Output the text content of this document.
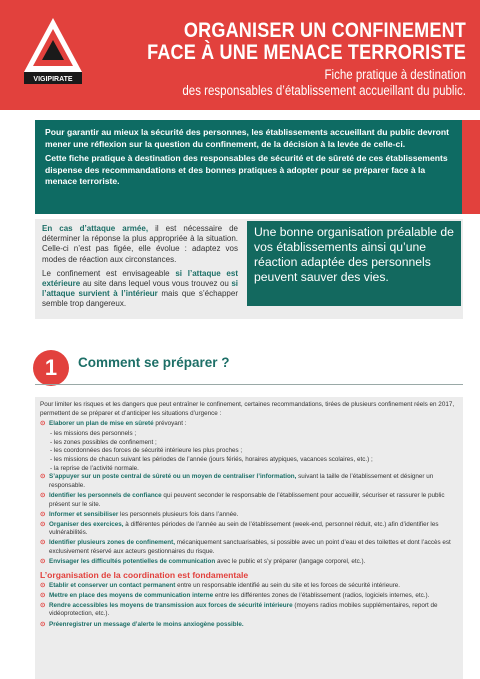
VIGIPIRATE
ORGANISER UN CONFINEMENT
FACE À UNE MENACE TERRORISTE
Fiche pratique à destination
des responsables d’établissement accueillant du public.

Pour garantir au mieux la sécurité des personnes, les établissements accueillant du public devront mener une réflexion sur la question du confinement, de la décision à la levée de celle-ci.

Cette fiche pratique à destination des responsables de sécurité et de sûreté de ces établissements dispense des recommandations et des bonnes pratiques à adopter pour se préparer face à la menace terroriste.

En cas d’attaque armée, il est nécessaire de déterminer la réponse la plus appropriée à la situation. Celle-ci n’est pas figée, elle évolue : adaptez vos modes de réaction aux circonstances.

Le confinement est envisageable si l’attaque est extérieure au site dans lequel vous vous trouvez ou si l’attaque survient à l’intérieur mais que s’échapper semble trop dangereux.

Une bonne organisation préalable de vos établissements ainsi qu’une réaction adaptée des personnels peuvent sauver des vies.
1	Comment se préparer ?

Pour limiter les risques et les dangers que peut entraîner le confinement, certaines recommandations, tirées de plusieurs confinement réels en 2017, permettent de se préparer et d’anticiper les situations d’urgence :

⊙ Elaborer un plan de mise en sûreté prévoyant :
- les missions des personnels ;
- les zones possibles de confinement ;
- les coordonnées des forces de sécurité intérieure les plus proches ;
- les missions de chacun suivant les périodes de l’année (jours fériés, horaires atypiques, vacances scolaires, etc.) ;
- la reprise de l’activité normale.
⊙ S’appuyer sur un poste central de sûreté ou un moyen de centraliser l’information, suivant la taille de l’établissement et désigner un responsable.
⊙ Identifier les personnels de confiance qui peuvent seconder le responsable de l’établissement pour accueillir, sécuriser et rassurer le public présent sur le site.
⊙ Informer et sensibiliser les personnels plusieurs fois dans l’année.
⊙ Organiser des exercices, à différentes périodes de l’année au sein de l’établissement (week-end, personnel réduit, etc.) afin d’identifier les vulnérabilités.
⊙ Identifier plusieurs zones de confinement, mécaniquement sanctuarisables, si possible avec un point d’eau et des toilettes et dont l’accès est exclusivement réservé aux acteurs gestionnaires du risque.
⊙ Envisager les difficultés potentielles de communication avec le public et s’y préparer (langage corporel, etc.).
L’organisation de la coordination est fondamentale
⊙ Etablir et conserver un contact permanent entre un responsable identifié au sein du site et les forces de sécurité intérieure.
⊙ Mettre en place des moyens de communication interne entre les différentes zones de l’établissement (radios, logiciels internes, etc.).
⊙ Rendre accessibles les moyens de transmission aux forces de sécurité intérieure (moyens radios mobiles supplémentaires, report de vidéoprotection, etc.).
⊙ Préenregistrer un message d’alerte le moins anxiogène possible.
